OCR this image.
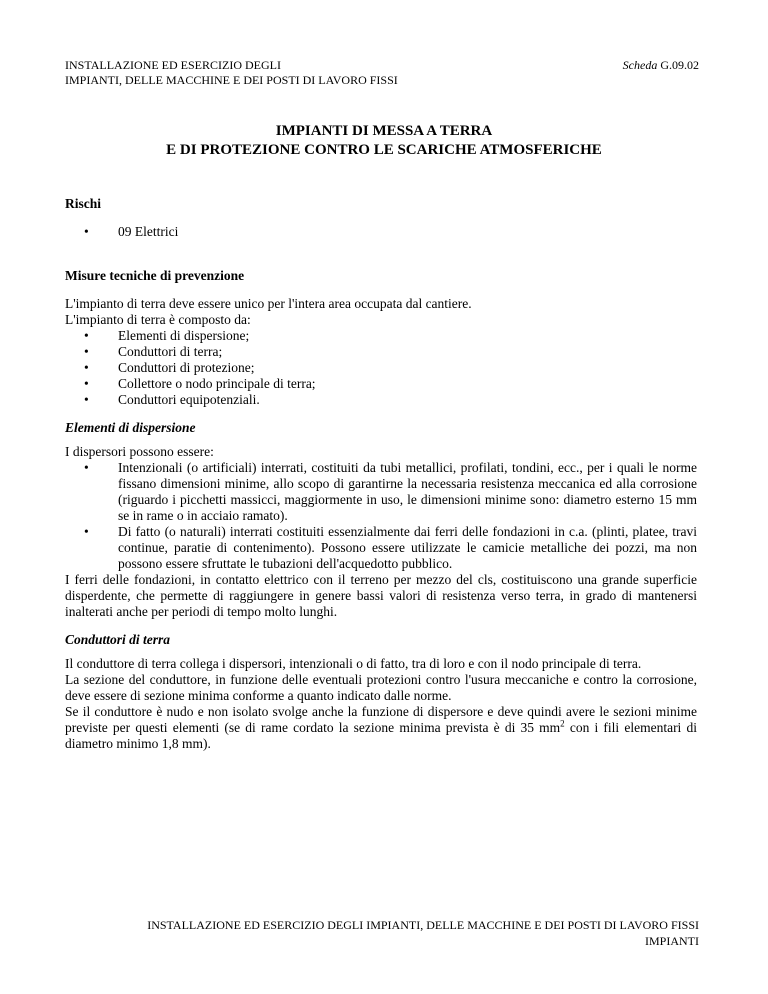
INSTALLAZIONE ED ESERCIZIO DEGLI
IMPIANTI, DELLE MACCHINE E DEI POSTI DI LAVORO FISSI
Scheda G.09.02
IMPIANTI DI MESSA A TERRA
E DI PROTEZIONE CONTRO LE SCARICHE ATMOSFERICHE
Rischi
• 09 Elettrici
Misure tecniche di prevenzione

L'impianto di terra deve essere unico per l'intera area occupata dal cantiere.

L'impianto di terra è composto da:

• Elementi di dispersione;
• Conduttori di terra;
• Conduttori di protezione;
• Collettore o nodo principale di terra;
• Conduttori equipotenziali.
Elementi di dispersione

I dispersori possono essere:

• Intenzionali (o artificiali) interrati, costituiti da tubi metallici, profilati, tondini, ecc., per i quali le norme fissano dimensioni minime, allo scopo di garantirne la necessaria resistenza meccanica ed alla corrosione (riguardo i picchetti massicci, maggiormente in uso, le dimensioni minime sono: diametro esterno 15 mm se in rame o in acciaio ramato).
• Di fatto (o naturali) interrati costituiti essenzialmente dai ferri delle fondazioni in c.a. (plinti, platee, travi continue, paratie di contenimento). Possono essere utilizzate le camicie metalliche dei pozzi, ma non possono essere sfruttate le tubazioni dell'acquedotto pubblico.

I ferri delle fondazioni, in contatto elettrico con il terreno per mezzo del cls, costituiscono una grande superficie disperdente, che permette di raggiungere in genere bassi valori di resistenza verso terra, in grado di mantenersi inalterati anche per periodi di tempo molto lunghi.

Conduttori di terra

Il conduttore di terra collega i dispersori, intenzionali o di fatto, tra di loro e con il nodo principale di terra.

La sezione del conduttore, in funzione delle eventuali protezioni contro l'usura meccaniche e contro la corrosione, deve essere di sezione minima conforme a quanto indicato dalle norme.

Se il conduttore è nudo e non isolato svolge anche la funzione di dispersore e deve quindi avere le sezioni minime previste per questi elementi (se di rame cordato la sezione minima prevista è di 35 $mm^2$ con i fili elementari di diametro minimo 1,8 mm).

INSTALLAZIONE ED ESERCIZIO DEGLI IMPIANTI, DELLE MACCHINE E DEI POSTI DI LAVORO FISSI
IMPIANTI
